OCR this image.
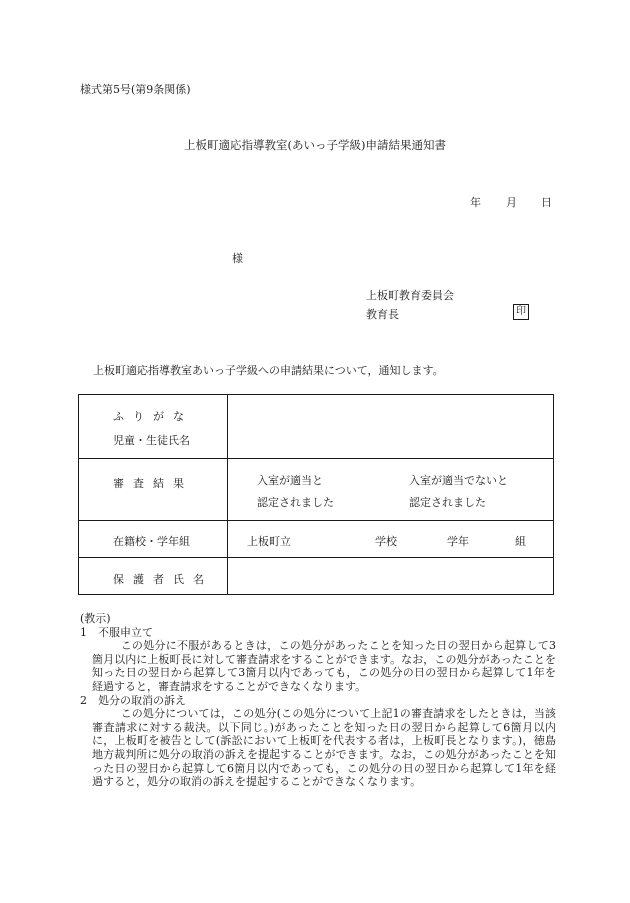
様式第5号(第9条関係)
上板町適応指導教室(あいっ子学級)申請結果通知書
年 月 日
様
上板町教育委員会
教育長	印
上板町適応指導教室あいっ子学級への申請結果について，通知します。
ふりがな
児童・生徒氏名
審査結果	入室が適当と
認定されました
入室が適当でないと
認定されました
在籍校・学年組	上板町立	学校	学年	組
保護者氏名

(教示)

1　不服申立て

この処分に不服があるときは，この処分があったことを知った日の翌日から起算して3箇月以内に上板町長に対して審査請求をすることができます。なお，この処分があったことを知った日の翌日から起算して3箇月以内であっても，この処分の日の翌日から起算して1年を経過すると，審査請求をすることができなくなります。

2　処分の取消の訴え

この処分については，この処分(この処分について上記1の審査請求をしたときは，当該審査請求に対する裁決。以下同じ。)があったことを知った日の翌日から起算して6箇月以内に，上板町を被告として(訴訟において上板町を代表する者は，上板町長となります。)，徳島地方裁判所に処分の取消の訴えを提起することができます。なお，この処分があったことを知った日の翌日から起算して6箇月以内であっても，この処分の日の翌日から起算して1年を経過すると，処分の取消の訴えを提起することができなくなります。
